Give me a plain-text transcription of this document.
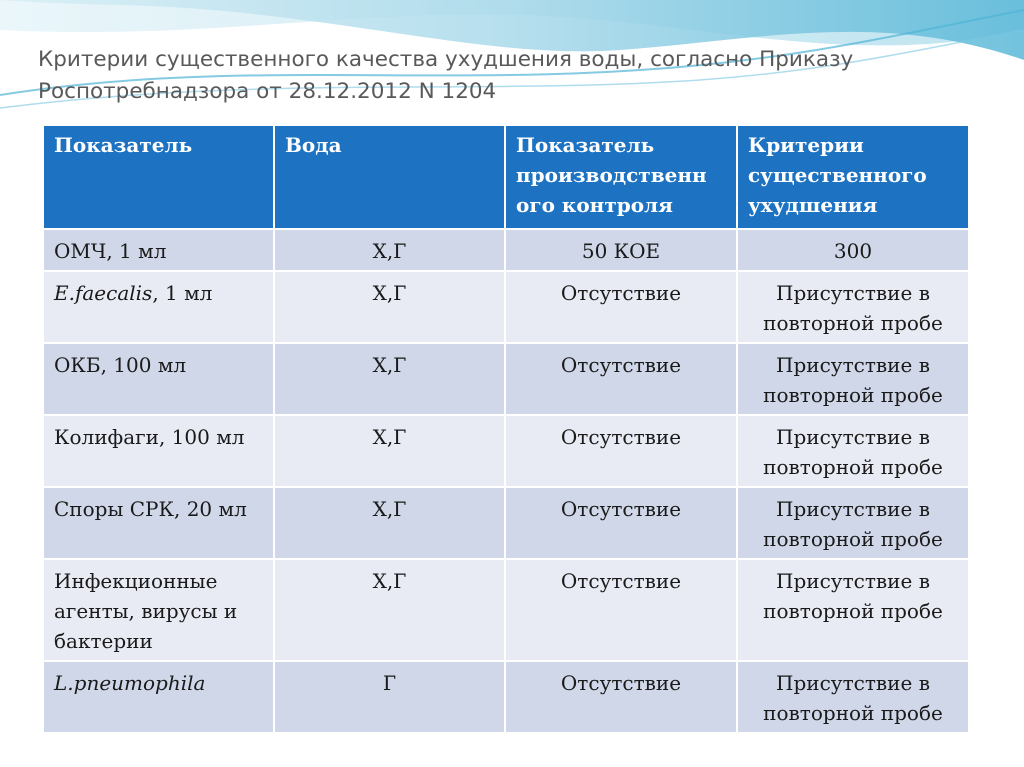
Критерии существенного качества ухудшения воды, согласно Приказу
Роспотребнадзора от 28.12.2012 N 1204
Показатель	Вода	Показатель производственн ого контроля	Критерии существенного ухудшения
ОМЧ, 1 мл	Х,Г	50 КОЕ	300
E.faecalis, 1 мл	Х,Г	Отсутствие	Присутствие в повторной пробе
ОКБ, 100 мл	Х,Г	Отсутствие	Присутствие в повторной пробе
Колифаги, 100 мл	Х,Г	Отсутствие	Присутствие в повторной пробе
Споры СРК, 20 мл	Х,Г	Отсутствие	Присутствие в повторной пробе
Инфекционные агенты, вирусы и бактерии	Х,Г	Отсутствие	Присутствие в повторной пробе
L.pneumophila	Г	Отсутствие	Присутствие в повторной пробе
